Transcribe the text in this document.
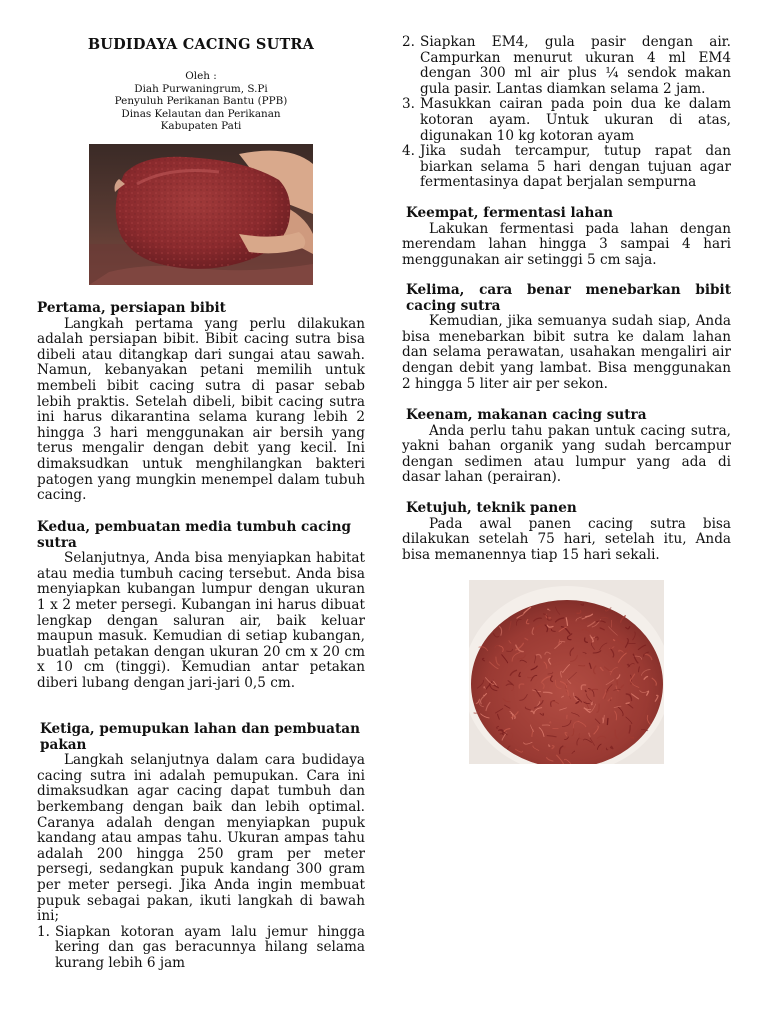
BUDIDAYA CACING SUTRA
Oleh :
Diah Purwaningrum, S.Pi
Penyuluh Perikanan Bantu (PPB)
Dinas Kelautan dan Perikanan
Kabupaten Pati

Pertama, persiapan bibit

Langkah pertama yang perlu dilakukan adalah persiapan bibit. Bibit cacing sutra bisa dibeli atau ditangkap dari sungai atau sawah. Namun, kebanyakan petani memilih untuk membeli bibit cacing sutra di pasar sebab lebih praktis. Setelah dibeli, bibit cacing sutra ini harus dikarantina selama kurang lebih 2 hingga 3 hari menggunakan air bersih yang terus mengalir dengan debit yang kecil. Ini dimaksudkan untuk menghilangkan bakteri patogen yang mungkin menempel dalam tubuh cacing.

Kedua, pembuatan media tumbuh cacing sutra

Selanjutnya, Anda bisa menyiapkan habitat atau media tumbuh cacing tersebut. Anda bisa menyiapkan kubangan lumpur dengan ukuran 1 x 2 meter persegi. Kubangan ini harus dibuat lengkap dengan saluran air, baik keluar maupun masuk. Kemudian di setiap kubangan, buatlah petakan dengan ukuran 20 cm x 20 cm x 10 cm (tinggi). Kemudian antar petakan diberi lubang dengan jari-jari 0,5 cm.

Ketiga, pemupukan lahan dan pembuatan pakan

Langkah selanjutnya dalam cara budidaya cacing sutra ini adalah pemupukan. Cara ini dimaksudkan agar cacing dapat tumbuh dan berkembang dengan baik dan lebih optimal. Caranya adalah dengan menyiapkan pupuk kandang atau ampas tahu. Ukuran ampas tahu adalah 200 hingga 250 gram per meter persegi, sedangkan pupuk kandang 300 gram per meter persegi. Jika Anda ingin membuat pupuk sebagai pakan, ikuti langkah di bawah ini;

1. Siapkan kotoran ayam lalu jemur hingga kering dan gas beracunnya hilang selama kurang lebih 6 jam
2. Siapkan EM4, gula pasir dengan air. Campurkan menurut ukuran 4 ml EM4 dengan 300 ml air plus ¼ sendok makan gula pasir. Lantas diamkan selama 2 jam.
3. Masukkan cairan pada poin dua ke dalam kotoran ayam. Untuk ukuran di atas, digunakan 10 kg kotoran ayam
4. Jika sudah tercampur, tutup rapat dan biarkan selama 5 hari dengan tujuan agar fermentasinya dapat berjalan sempurna

Keempat, fermentasi lahan

Lakukan fermentasi pada lahan dengan merendam lahan hingga 3 sampai 4 hari menggunakan air setinggi 5 cm saja.

Kelima, cara benar menebarkan bibit cacing sutra

Kemudian, jika semuanya sudah siap, Anda bisa menebarkan bibit sutra ke dalam lahan dan selama perawatan, usahakan mengaliri air dengan debit yang lambat. Bisa menggunakan 2 hingga 5 liter air per sekon.

Keenam, makanan cacing sutra

Anda perlu tahu pakan untuk cacing sutra, yakni bahan organik yang sudah bercampur dengan sedimen atau lumpur yang ada di dasar lahan (perairan).

Ketujuh, teknik panen

Pada awal panen cacing sutra bisa dilakukan setelah 75 hari, setelah itu, Anda bisa memanennya tiap 15 hari sekali.
